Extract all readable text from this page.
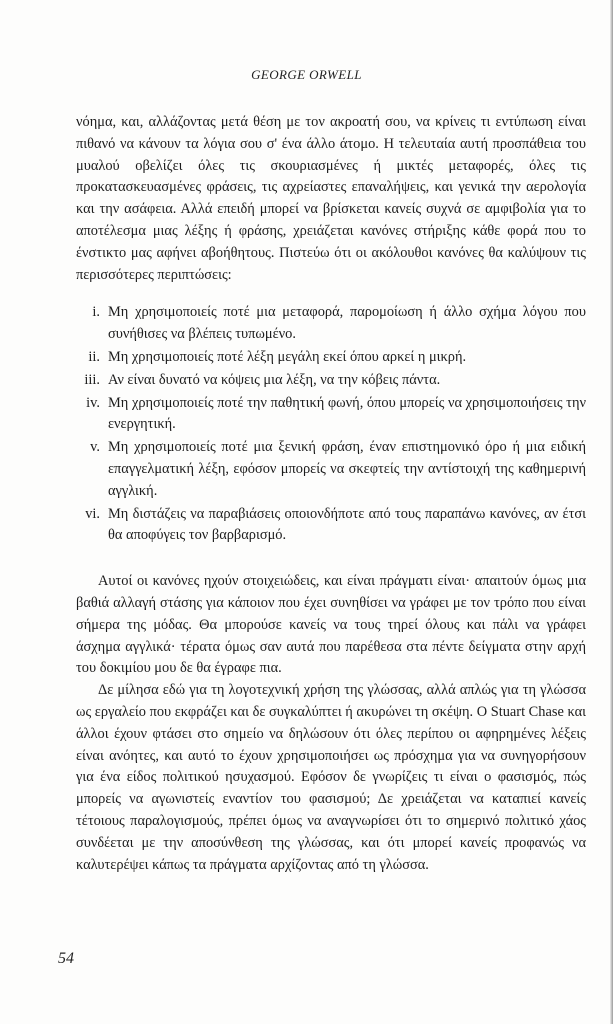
GEORGE ORWELL

νόημα, και, αλλάζοντας μετά θέση με τον ακροατή σου, να κρίνεις τι εντύπωση είναι πιθανό να κάνουν τα λόγια σου σ' ένα άλλο άτομο. Η τελευταία αυτή προσπάθεια του μυαλού οβελίζει όλες τις σκουριασμένες ή μικτές μεταφορές, όλες τις προκατασκευασμένες φράσεις, τις αχρείαστες επαναλήψεις, και γενικά την αερολογία και την ασάφεια. Αλλά επειδή μπορεί να βρίσκεται κανείς συχνά σε αμφιβολία για το αποτέλεσμα μιας λέξης ή φράσης, χρειάζεται κανόνες στήριξης κάθε φορά που το ένστικτο μας αφήνει αβοήθητους. Πιστεύω ότι οι ακόλουθοι κανόνες θα καλύψουν τις περισσότερες περιπτώσεις:

i. Μη χρησιμοποιείς ποτέ μια μεταφορά, παρομοίωση ή άλλο σχήμα λόγου που συνήθισες να βλέπεις τυπωμένο.
ii. Μη χρησιμοποιείς ποτέ λέξη μεγάλη εκεί όπου αρκεί η μικρή.
iii. Αν είναι δυνατό να κόψεις μια λέξη, να την κόβεις πάντα.
iv. Μη χρησιμοποιείς ποτέ την παθητική φωνή, όπου μπορείς να χρησιμοποιήσεις την ενεργητική.
v. Μη χρησιμοποιείς ποτέ μια ξενική φράση, έναν επιστημονικό όρο ή μια ειδική επαγγελματική λέξη, εφόσον μπορείς να σκεφτείς την αντίστοιχή της καθημερινή αγγλική.
vi. Μη διστάζεις να παραβιάσεις οποιονδήποτε από τους παραπάνω κανόνες, αν έτσι θα αποφύγεις τον βαρβαρισμό.

Αυτοί οι κανόνες ηχούν στοιχειώδεις, και είναι πράγματι είναι· απαιτούν όμως μια βαθιά αλλαγή στάσης για κάποιον που έχει συνηθίσει να γράφει με τον τρόπο που είναι σήμερα της μόδας. Θα μπορούσε κανείς να τους τηρεί όλους και πάλι να γράφει άσχημα αγγλικά· τέρατα όμως σαν αυτά που παρέθεσα στα πέντε δείγματα στην αρχή του δοκιμίου μου δε θα έγραφε πια.

Δε μίλησα εδώ για τη λογοτεχνική χρήση της γλώσσας, αλλά απλώς για τη γλώσσα ως εργαλείο που εκφράζει και δε συγκαλύπτει ή ακυρώνει τη σκέψη. Ο Stuart Chase και άλλοι έχουν φτάσει στο σημείο να δηλώσουν ότι όλες περίπου οι αφηρημένες λέξεις είναι ανόητες, και αυτό το έχουν χρησιμοποιήσει ως πρόσχημα για να συνηγορήσουν για ένα είδος πολιτικού ησυχασμού. Εφόσον δε γνωρίζεις τι είναι ο φασισμός, πώς μπορείς να αγωνιστείς εναντίον του φασισμού; Δε χρειάζεται να καταπιεί κανείς τέτοιους παραλογισμούς, πρέπει όμως να αναγνωρίσει ότι το σημερινό πολιτικό χάος συνδέεται με την αποσύνθεση της γλώσσας, και ότι μπορεί κανείς προφανώς να καλυτερέψει κάπως τα πράγματα αρχίζοντας από τη γλώσσα.

54
